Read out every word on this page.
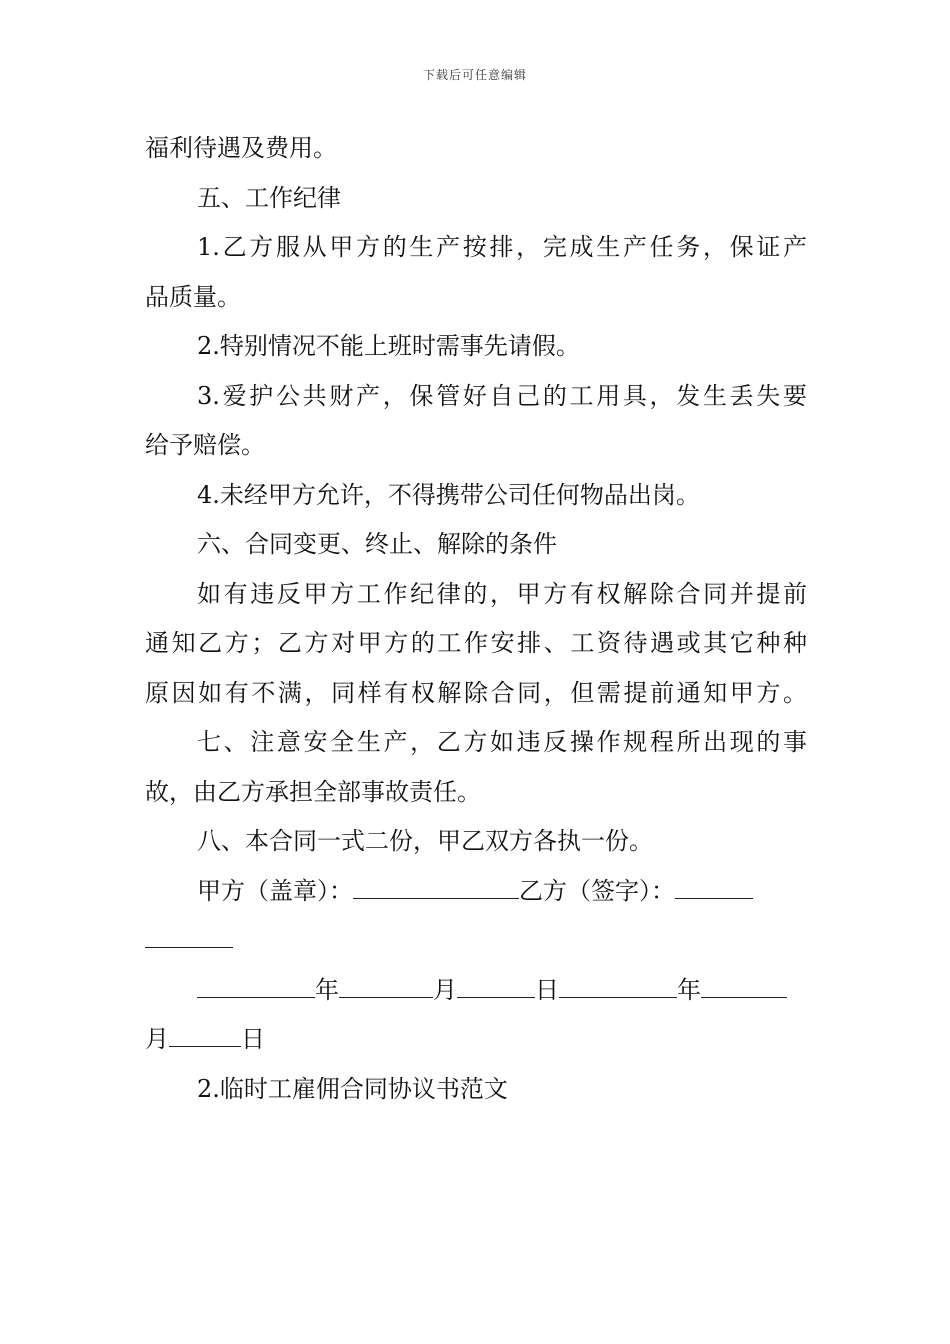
下载后可任意编辑
福利待遇及费用。
五、工作纪律
1.乙方服从甲方的生产按排，完成生产任务，保证产
品质量。
2.特别情况不能上班时需事先请假。
3.爱护公共财产，保管好自己的工用具，发生丢失要
给予赔偿。
4.未经甲方允许，不得携带公司任何物品出岗。
六、合同变更、终止、解除的条件
如有违反甲方工作纪律的，甲方有权解除合同并提前
通知乙方；乙方对甲方的工作安排、工资待遇或其它种种
原因如有不满，同样有权解除合同，但需提前通知甲方。
七、注意安全生产，乙方如违反操作规程所出现的事
故，由乙方承担全部事故责任。
八、本合同一式二份，甲乙双方各执一份。
甲方（盖章）：	乙方（签字）：
年	月	日	年
月	日
2.临时工雇佣合同协议书范文
